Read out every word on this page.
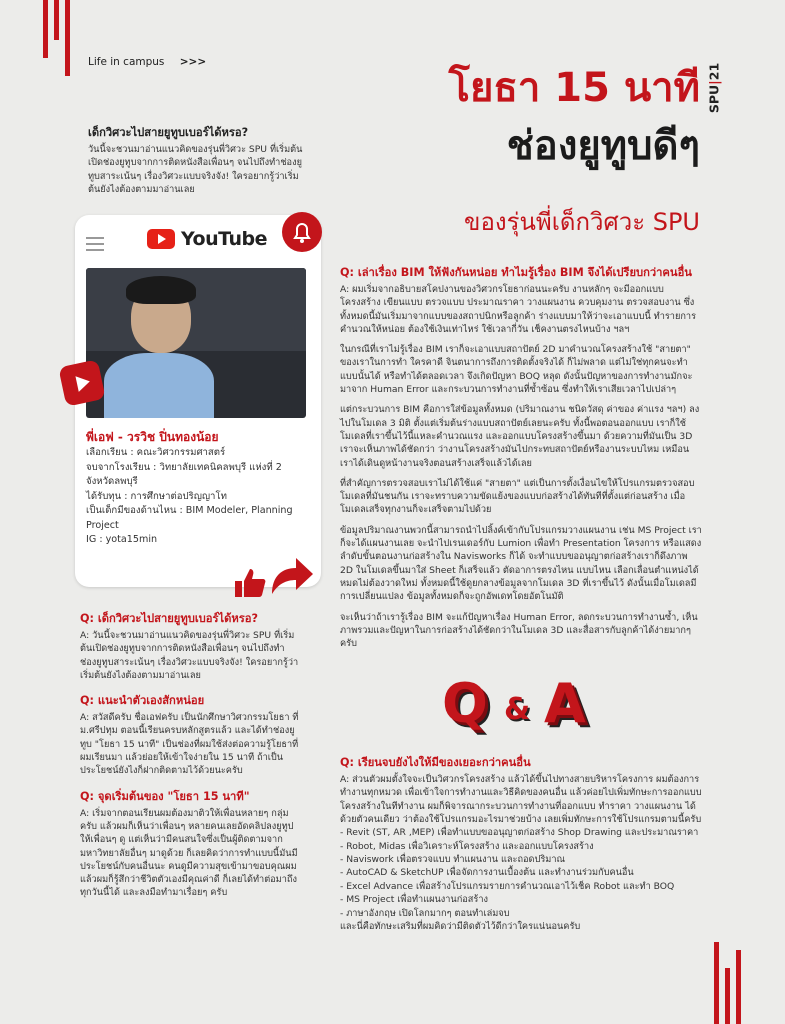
Life in campus >>>
SPU|21
โยธา 15 นาที
ช่องยูทูบดีๆ
ของรุ่นพี่เด็กวิศวะ SPU

เด็กวิศวะไปสายยูทูบเบอร์ได้หรอ?

วันนี้จะชวนมาอ่านแนวคิดของรุ่นพี่วิศวะ SPU ที่เริ่มต้นเปิดช่องยูทูบจากการติดหนังสือเพื่อนๆ จนไปถึงทำช่องยูทูบสาระเน้นๆ เรื่องวิศวะแบบจริงจัง! ใครอยากรู้ว่าเริ่มต้นยังไงต้องตามมาอ่านเลย

YouTube
พี่เอฟ - วรวิช ปิ่นทองน้อย

เลือกเรียน : คณะวิศวกรรมศาสตร์

จบจากโรงเรียน : วิทยาลัยเทคนิคลพบุรี แห่งที่ 2 จังหวัดลพบุรี

ได้รับทุน : การศึกษาต่อปริญญาโท

เป็นเด็กมีของด้านไหน : BIM Modeler, Planning Project

IG : yota15min

Q: เด็กวิศวะไปสายยูทูบเบอร์ได้หรอ?

A: วันนี้จะชวนมาอ่านแนวคิดของรุ่นพี่วิศวะ SPU ที่เริ่มต้นเปิดช่องยูทูบจากการติดหนังสือเพื่อนๆ จนไปถึงทำช่องยูทูบสาระเน้นๆ เรื่องวิศวะแบบจริงจัง! ใครอยากรู้ว่าเริ่มต้นยังไงต้องตามมาอ่านเลย

Q: แนะนำตัวเองสักหน่อย

A: สวัสดีครับ ชื่อเอฟครับ เป็นนักศึกษาวิศวกรรมโยธา ที่ ม.ศรีปทุม ตอนนี้เรียนครบหลักสูตรแล้ว และได้ทำช่องยูทูบ "โยธา 15 นาที" เป็นช่องที่ผมใช้ส่งต่อความรู้โยธาที่ผมเรียนมา แล้วย่อยให้เข้าใจง่ายใน 15 นาที ถ้าเป็นประโยชน์ยังไงก็ฝากติดตามไว้ด้วยนะครับ

Q: จุดเริ่มต้นของ "โยธา 15 นาที"

A: เริ่มจากตอนเรียนผมต้องมาติวให้เพื่อนหลายๆ กลุ่มครับ แล้วผมก็เห็นว่าเพื่อนๆ หลายคนเลยอัดคลิปลงยูทูปให้เพื่อนๆ ดู แต่เห็นว่ามีคนสนใจซึ่งเป็นผู้ติดตามจากมหาวิทยาลัยอื่นๆ มาดูด้วย ก็เลยคิดว่าการทำแบบนี้มันมีประโยชน์กับคนอื่นนะ คนดูมีความสุขเข้ามาขอบคุณผม แล้วผมก็รู้สึกว่าชีวิตตัวเองมีคุณค่าดี ก็เลยได้ทำต่อมาถึงทุกวันนี้ได้ และลงมือทำมาเรื่อยๆ ครับ

Q: เล่าเรื่อง BIM ให้ฟังกันหน่อย ทำไมรู้เรื่อง BIM จึงได้เปรียบกว่าคนอื่น

A: ผมเริ่มจากอธิบายสโคปงานของวิศวกรโยธาก่อนนะครับ งานหลักๆ จะมีออกแบบโครงสร้าง เขียนแบบ ตรวจแบบ ประมาณราคา วางแผนงาน ควบคุมงาน ตรวจสอบงาน ซึ่งทั้งหมดนี้มันเริ่มมาจากแบบของสถาปนิกหรือลูกค้า ร่างแบบมาให้ว่าจะเอาแบบนี้ ทำรายการคำนวณให้หน่อย ต้องใช้เงินเท่าไหร่ ใช้เวลากี่วัน เช็คงานตรงไหนบ้าง ฯลฯ

ในกรณีที่เราไม่รู้เรื่อง BIM เราก็จะเอาแบบสถาปัตย์ 2D มาคำนวณโครงสร้างใช้ "สายตา" ของเราในการทำ ใครคาดี จินตนาการถึงการติดตั้งจริงได้ ก็ไม่พลาด แต่ไม่ใช่ทุกคนจะทำแบบนั้นได้ หรือทำได้ตลอดเวลา จึงเกิดปัญหา BOQ หลุด ดังนั้นปัญหาของการทำงานมักจะมาจาก Human Error และกระบวนการทำงานที่ซ้ำซ้อน ซึ่งทำให้เราเสียเวลาไปเปล่าๆ

แต่กระบวนการ BIM คือการใส่ข้อมูลทั้งหมด (ปริมาณงาน ชนิดวัสดุ ค่าของ ค่าแรง ฯลฯ) ลงไปในโมเดล 3 มิติ ตั้งแต่เริ่มต้นร่างแบบสถาปัตย์เลยนะครับ ทั้งนี้พอตอนออกแบบ เราก็ใช้โมเดลที่เราขึ้นไว้นี้แหละคำนวณแรง และออกแบบโครงสร้างขึ้นมา ด้วยความที่มันเป็น 3D เราจะเห็นภาพได้ชัดกว่า ว่างานโครงสร้างมันไปกระทบสถาปัตย์หรืองานระบบไหม เหมือนเราได้เดินดูหน้างานจริงตอนสร้างเสร็จแล้วได้เลย

ที่สำคัญการตรวจสอบเราไม่ได้ใช้แค่ "สายตา" แต่เป็นการตั้งเงื่อนไขให้โปรแกรมตรวจสอบโมเดลที่มันชนกัน เราจะทราบความขัดแย้งของแบบก่อสร้างได้ทันทีที่ตั้งแต่ก่อนสร้าง เมื่อโมเดลเสร็จทุกงานก็จะเสร็จตามไปด้วย

ข้อมูลปริมาณงานพวกนี้สามารถนำไปลิ้งค์เข้ากับโปรแกรมวางแผนงาน เช่น MS Project เราก็จะได้แผนงานเลย จะนำไปเรนเดอร์กับ Lumion เพื่อทำ Presentation โครงการ หรือแสดงลำดับขั้นตอนงานก่อสร้างใน Navisworks ก็ได้ จะทำแบบขออนุญาตก่อสร้างเราก็ดึงภาพ 2D ในโมเดลขึ้นมาใส่ Sheet ก็เสร็จแล้ว ตัดอาการตรงไหน แบบไหน เลือกเลื่อนตำแหน่งได้หมดไม่ต้องวาดใหม่ ทั้งหมดนี้ใช้ดูยกลางข้อมูลจากโมเดล 3D ที่เราขึ้นไว้ ดังนั้นเมื่อโมเดลมีการเปลี่ยนแปลง ข้อมูลทั้งหมดก็จะถูกอัพเดทโดยอัตโนมัติ

จะเห็นว่าถ้าเรารู้เรื่อง BIM จะแก้ปัญหาเรื่อง Human Error, ลดกระบวนการทำงานซ้ำ, เห็นภาพรวมและปัญหาในการก่อสร้างได้ชัดกว่าในโมเดล 3D และสื่อสารกับลูกค้าได้ง่ายมากๆ ครับ

Q & A

Q: เรียนจบยังไงให้มีของเยอะกว่าคนอื่น

A: ส่วนตัวผมตั้งใจจะเป็นวิศวกรโครงสร้าง แล้วได้ขึ้นไปทางสายบริหารโครงการ ผมต้องการทำงานทุกหมวด เพื่อเข้าใจการทำงานและวิธีคิดของคนอื่น แล้วค่อยไปเพิ่มทักษะการออกแบบโครงสร้างในทีทำงาน ผมก็พิจารณากระบวนการทำงานที่ออกแบบ ทำราคา วางแผนงาน ได้ด้วยตัวคนเดียว ว่าต้องใช้โปรแกรมอะไรมาช่วยบ้าง เลยเพิ่มทักษะการใช้โปรแกรมตามนี้ครับ

- Revit (ST, AR ,MEP) เพื่อทำแบบขออนุญาตก่อสร้าง Shop Drawing และประมาณราคา
- Robot, Midas เพื่อวิเคราะห์โครงสร้าง และออกแบบโครงสร้าง
- Naviswork เพื่อตรวจแบบ ทำแผนงาน และถอดปริมาณ
- AutoCAD & SketchUP เพื่อจัดการงานเบื้องต้น และทำงานร่วมกับคนอื่น
- Excel Advance เพื่อสร้างโปรแกรมรายการคำนวณเอาไว้เช็ค Robot และทำ BOQ
- MS Project เพื่อทำแผนงานก่อสร้าง
- ภาษาอังกฤษ เปิดโลกมากๆ ตอนทำเล่มจบ

และนี่คือทักษะเสริมที่ผมคิดว่ามีติดตัวไว้ดีกว่าใครแน่นอนครับ
